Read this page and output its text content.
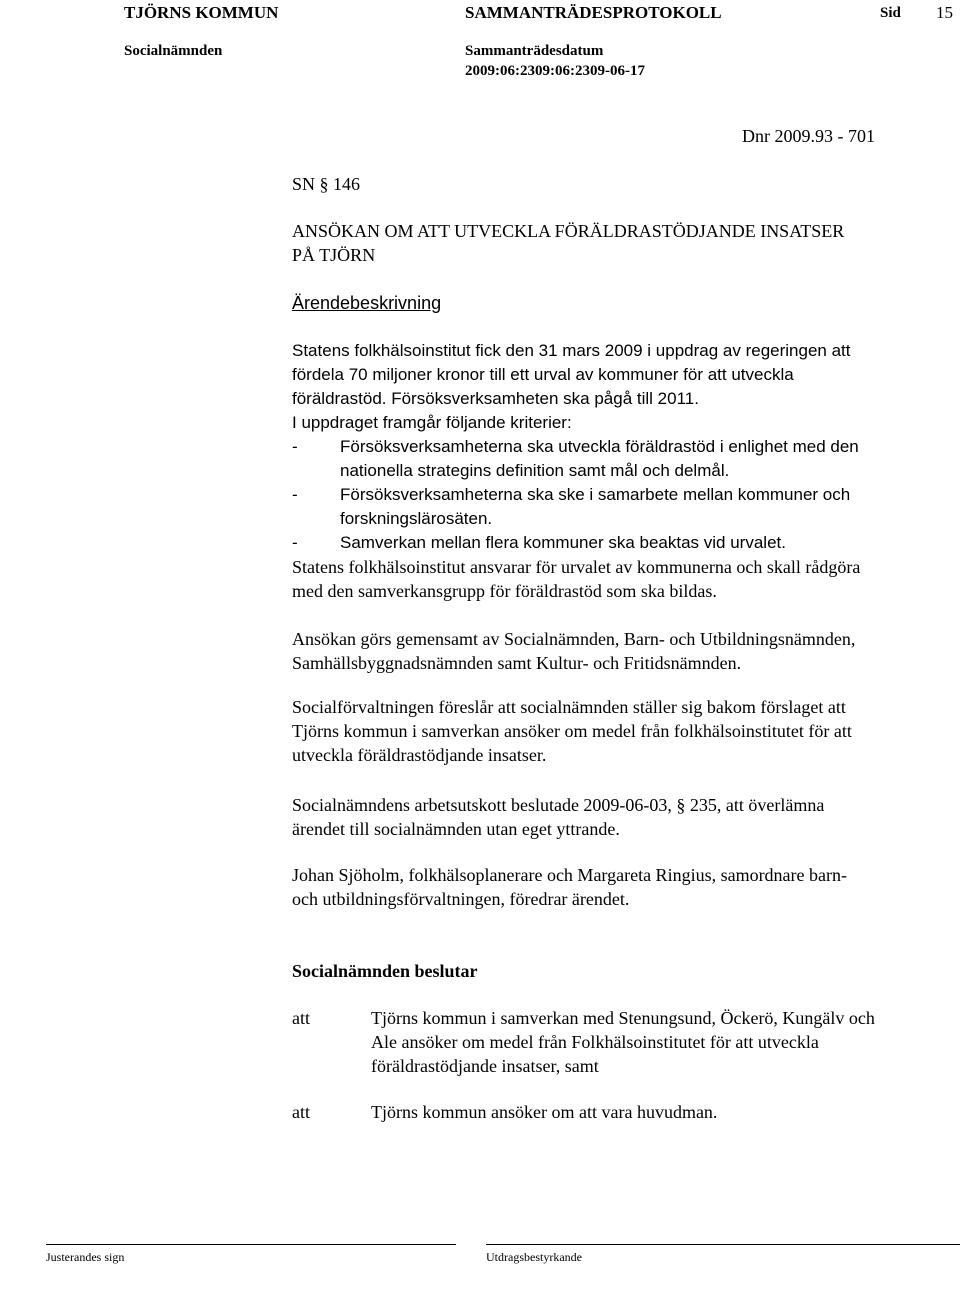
TJÖRNS KOMMUN	SAMMANTRÄDESPROTOKOLL	Sid 15
Socialnämnden	Sammanträdesdatum
2009:06:2309:06:2309-06-17
Dnr 2009.93 - 701
SN § 146
ANSÖKAN OM ATT UTVECKLA FÖRÄLDRASTÖDJANDE INSATSER
PÅ TJÖRN
Ärendebeskrivning
Statens folkhälsoinstitut fick den 31 mars 2009 i uppdrag av regeringen att
fördela 70 miljoner kronor till ett urval av kommuner för att utveckla
föräldrastöd. Försöksverksamheten ska pågå till 2011.
I uppdraget framgår följande kriterier:
- Försöksverksamheterna ska utveckla föräldrastöd i enlighet med den
nationella strategins definition samt mål och delmål.
- Försöksverksamheterna ska ske i samarbete mellan kommuner och
forskningslärosäten.
- Samverkan mellan flera kommuner ska beaktas vid urvalet.
Statens folkhälsoinstitut ansvarar för urvalet av kommunerna och skall rådgöra
med den samverkansgrupp för föräldrastöd som ska bildas.
Ansökan görs gemensamt av Socialnämnden, Barn- och Utbildningsnämnden,
Samhällsbyggnadsnämnden samt Kultur- och Fritidsnämnden.
Socialförvaltningen föreslår att socialnämnden ställer sig bakom förslaget att
Tjörns kommun i samverkan ansöker om medel från folkhälsoinstitutet för att
utveckla föräldrastödjande insatser.
Socialnämndens arbetsutskott beslutade 2009-06-03, § 235, att överlämna
ärendet till socialnämnden utan eget yttrande.
Johan Sjöholm, folkhälsoplanerare och Margareta Ringius, samordnare barn-
och utbildningsförvaltningen, föredrar ärendet.
Socialnämnden beslutar
att	Tjörns kommun i samverkan med Stenungsund, Öckerö, Kungälv och
Ale ansöker om medel från Folkhälsoinstitutet för att utveckla
föräldrastödjande insatser, samt
att	Tjörns kommun ansöker om att vara huvudman.
Justerandes sign	Utdragsbestyrkande
